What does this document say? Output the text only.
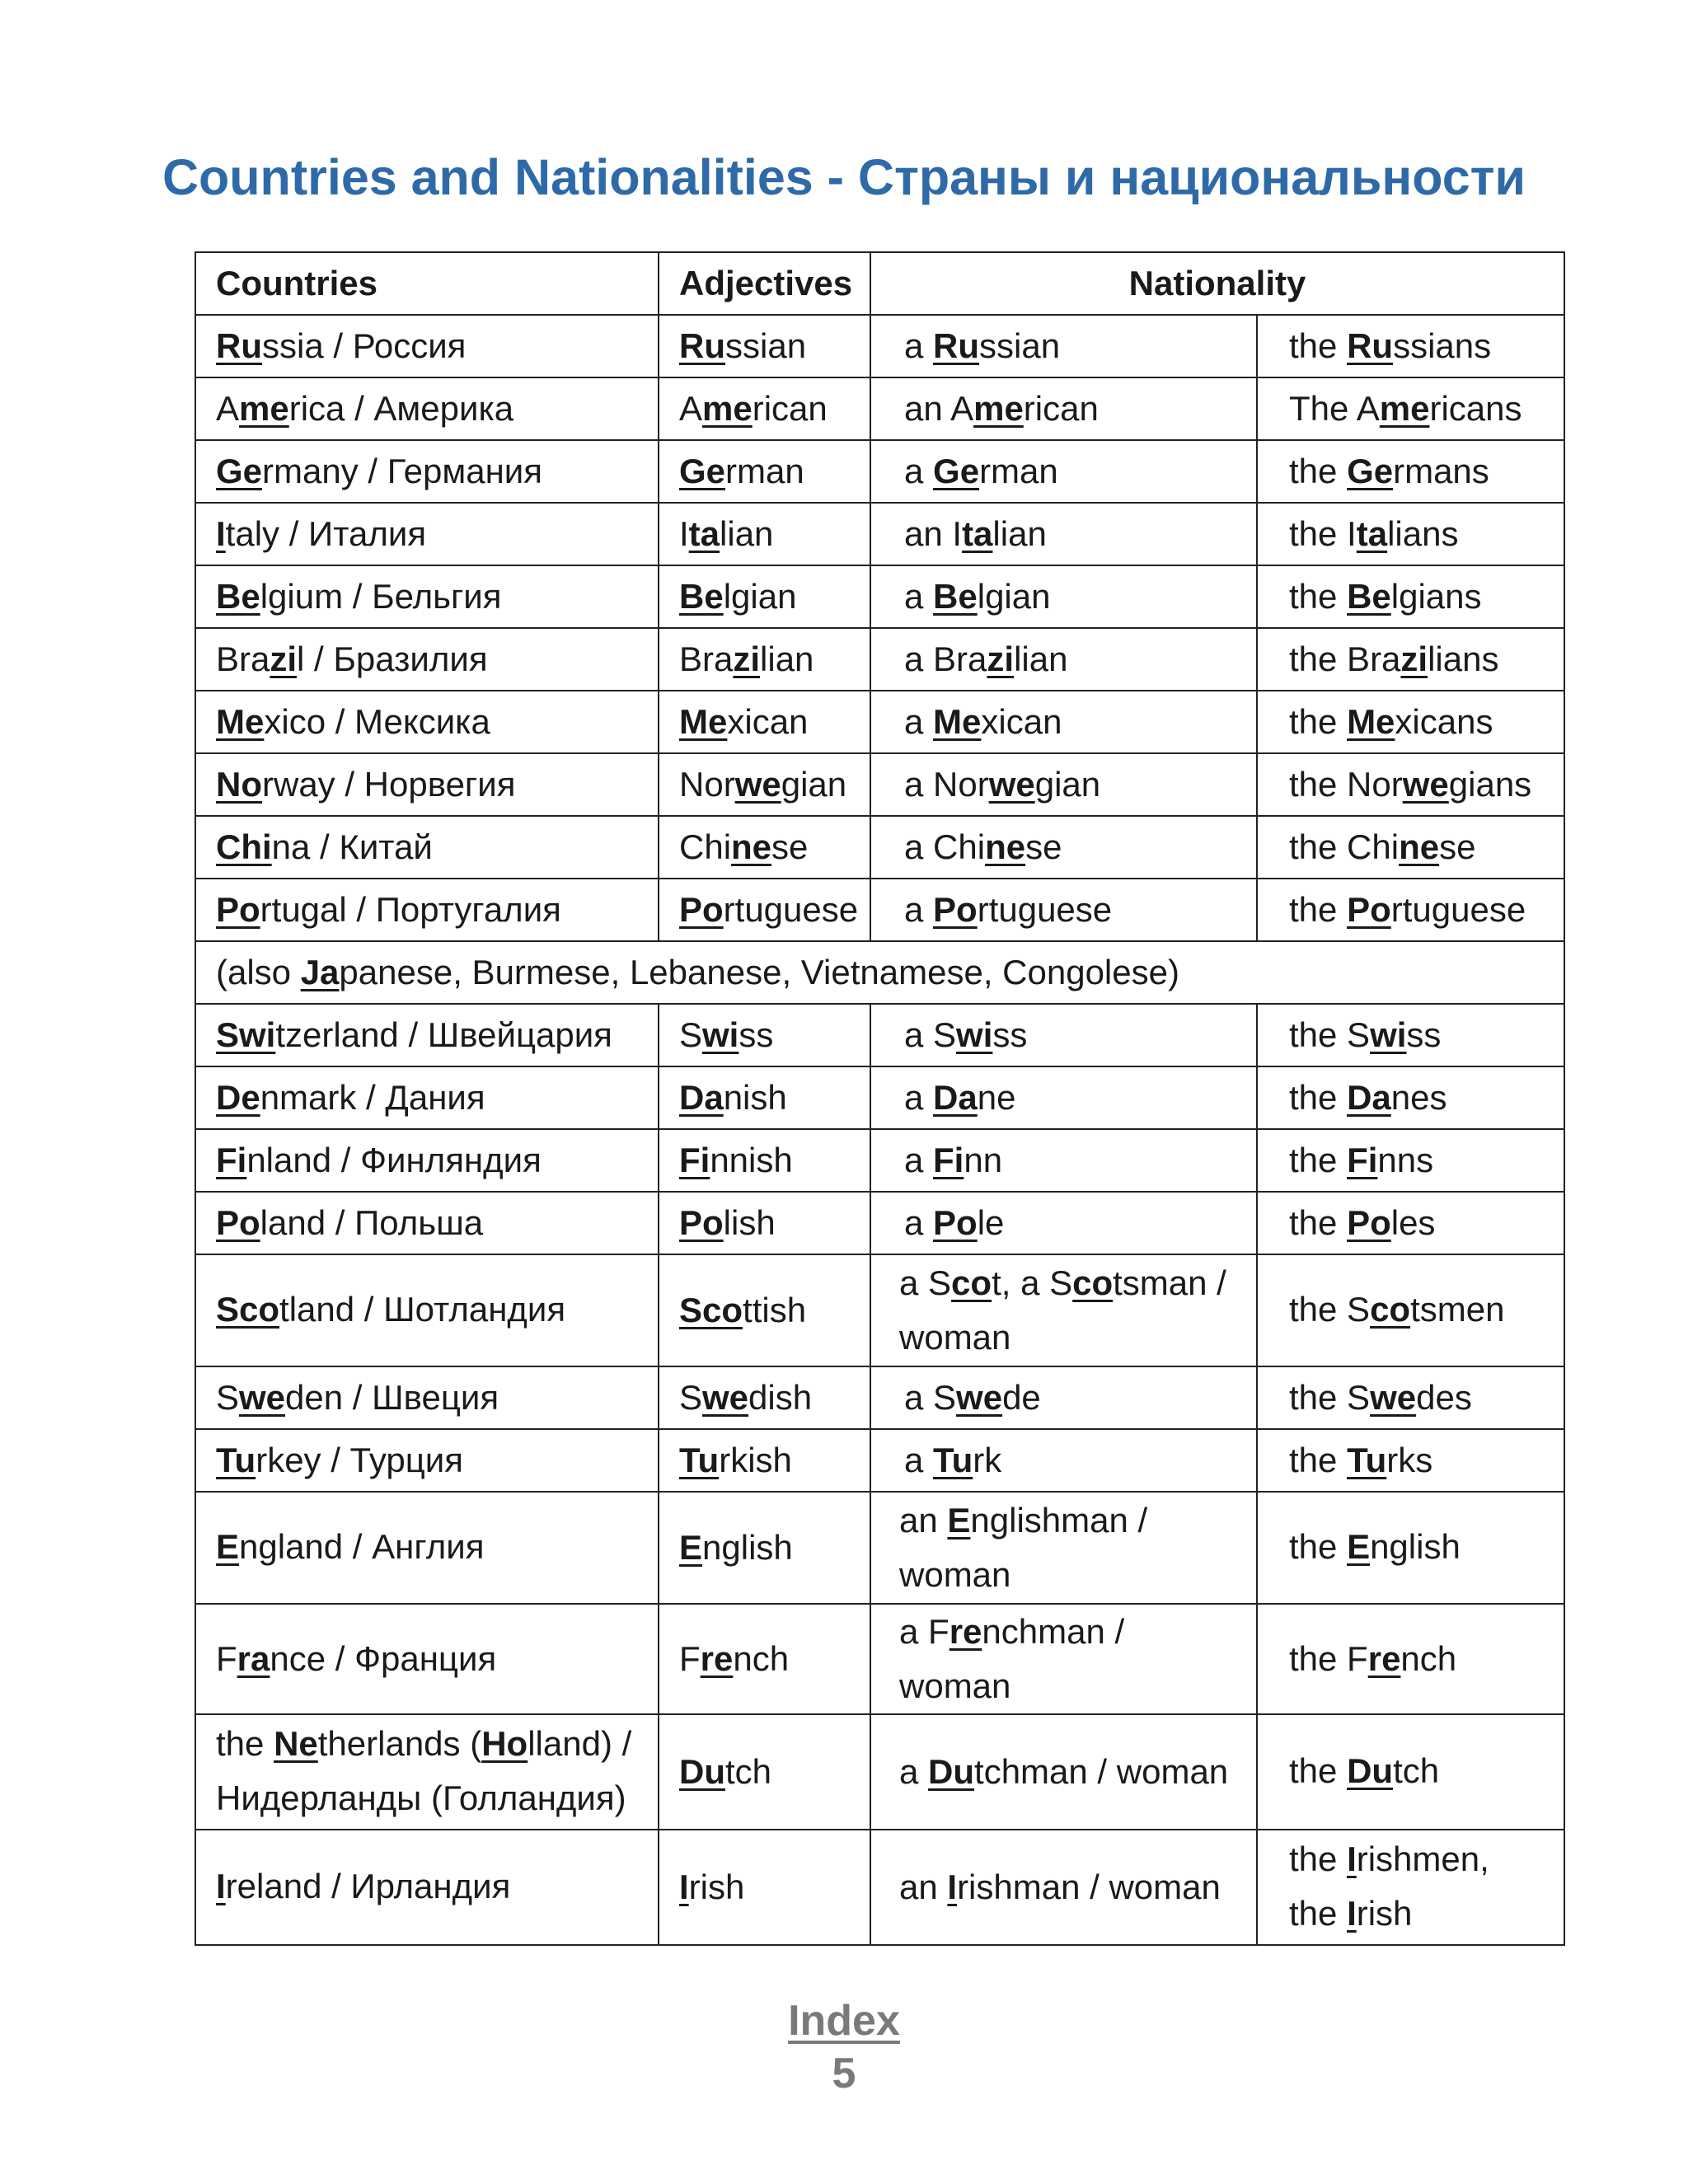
Countries and Nationalities - Страны и национальности
Countries	Adjectives	Nationality	
Russia / Россия	Russian	a Russian	the Russians
America / Америка	American	an American	The Americans
Germany / Германия	German	a German	the Germans
Italy / Италия	Italian	an Italian	the Italians
Belgium / Бельгия	Belgian	a Belgian	the Belgians
Brazil / Бразилия	Brazilian	a Brazilian	the Brazilians
Mexico / Мексика	Mexican	a Mexican	the Mexicans
Norway / Норвегия	Norwegian	a Norwegian	the Norwegians
China / Китай	Chinese	a Chinese	the Chinese
Portugal / Португалия	Portuguese	a Portuguese	the Portuguese
(also Japanese, Burmese, Lebanese, Vietnamese, Congolese)			
Switzerland / Швейцария	Swiss	a Swiss	the Swiss
Denmark / Дания	Danish	a Dane	the Danes
Finland / Финляндия	Finnish	a Finn	the Finns
Poland / Польша	Polish	a Pole	the Poles
Scotland / Шотландия	Scottish	a Scot, a Scotsman / woman	the Scotsmen
Sweden / Швеция	Swedish	a Swede	the Swedes
Turkey / Турция	Turkish	a Turk	the Turks
England / Англия	English	an Englishman / woman	the English
France / Франция	French	a Frenchman / woman	the French
the Netherlands (Holland) / Нидерланды (Голландия)	Dutch	a Dutchman / woman	the Dutch
Ireland / Ирландия	Irish	an Irishman / woman	the Irishmen, the Irish
Index
5
